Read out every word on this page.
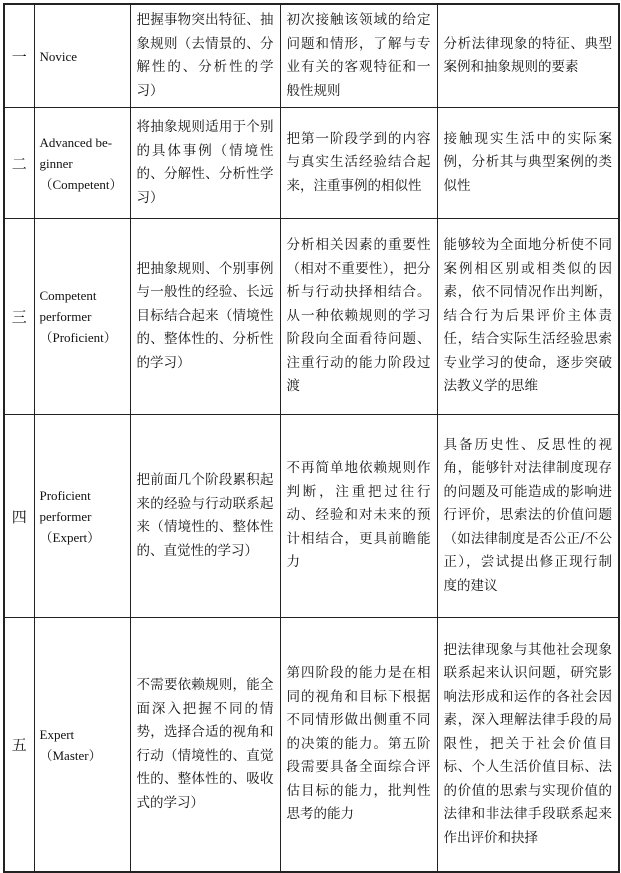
一	Novice	把握事物突出特征、抽象规则（去情景的、分解性的、分析性的学习）	初次接触该领域的给定问题和情形，了解与专业有关的客观特征和一般性规则	分析法律现象的特征、典型案例和抽象规则的要素
二	Advanced be-
ginner
（Competent）	将抽象规则适用于个别的具体事例（情境性的、分解性、分析性学习）	把第一阶段学到的内容与真实生活经验结合起来，注重事例的相似性	接触现实生活中的实际案例，分析其与典型案例的类似性
三	Competent
performer
（Proficient）	把抽象规则、个别事例与一般性的经验、长远目标结合起来（情境性的、整体性的、分析性的学习）	分析相关因素的重要性（相对不重要性），把分析与行动抉择相结合。从一种依赖规则的学习阶段向全面看待问题、注重行动的能力阶段过渡	能够较为全面地分析使不同案例相区别或相类似的因素，依不同情况作出判断，结合行为后果评价主体责任，结合实际生活经验思索专业学习的使命，逐步突破法教义学的思维
四	Proficient
performer
（Expert）	把前面几个阶段累积起来的经验与行动联系起来（情境性的、整体性的、直觉性的学习）	不再简单地依赖规则作判断，注重把过往行动、经验和对未来的预计相结合，更具前瞻能力	具备历史性、反思性的视角，能够针对法律制度现存的问题及可能造成的影响进行评价，思索法的价值问题（如法律制度是否公正/不公正），尝试提出修正现行制度的建议
五	Expert
（Master）	不需要依赖规则，能全面深入把握不同的情势，选择合适的视角和行动（情境性的、直觉性的、整体性的、吸收式的学习）	第四阶段的能力是在相同的视角和目标下根据不同情形做出侧重不同的决策的能力。第五阶段需要具备全面综合评估目标的能力，批判性思考的能力	把法律现象与其他社会现象联系起来认识问题，研究影响法形成和运作的各社会因素，深入理解法律手段的局限性，把关于社会价值目标、个人生活价值目标、法的价值的思索与实现价值的法律和非法律手段联系起来作出评价和抉择
